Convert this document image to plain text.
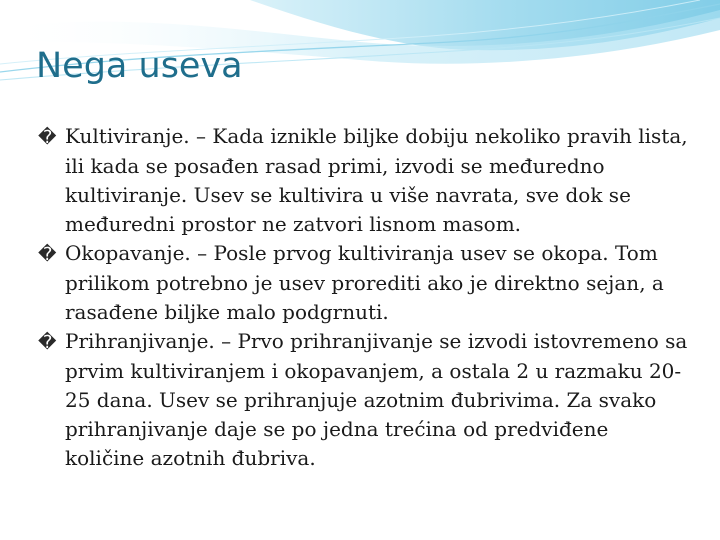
Nega useva
� Kultiviranje. – Kada iznikle biljke dobiju nekoliko pravih lista, ili kada se posađen rasad primi, izvodi se međuredno kultiviranje. Usev se kultivira u više navrata, sve dok se međuredni prostor ne zatvori lisnom masom.
� Okopavanje. – Posle prvog kultiviranja usev se okopa. Tom prilikom potrebno je usev prorediti ako je direktno sejan, a rasađene biljke malo podgrnuti.
� Prihranjivanje. – Prvo prihranjivanje se izvodi istovremeno sa prvim kultiviranjem i okopavanjem, a ostala 2 u razmaku 20-25 dana. Usev se prihranjuje azotnim đubrivima. Za svako prihranjivanje daje se po jedna trećina od predviđene količine azotnih đubriva.
